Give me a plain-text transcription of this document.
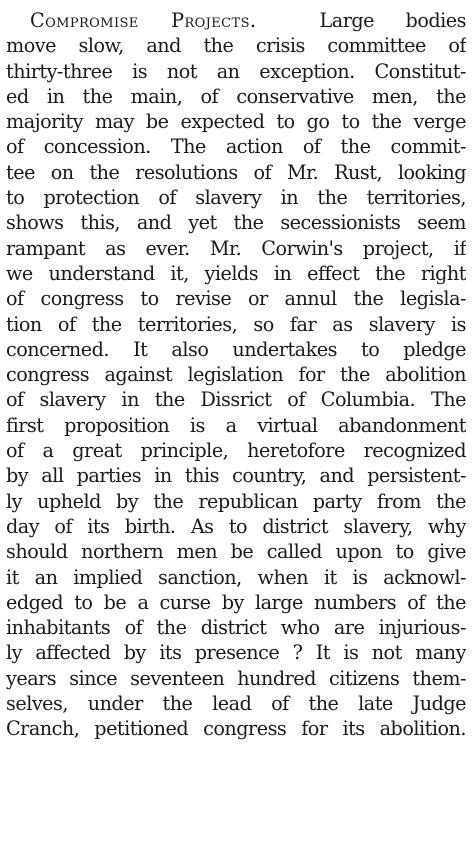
Compromise Projects.	Large bodies
move slow, and the crisis committee of
thirty-three is not an exception. Constitut-
ed in the main, of conservative men, the
majority may be expected to go to the verge
of concession. The action of the commit-
tee on the resolutions of Mr. Rust, looking
to protection of slavery in the territories,
shows this, and yet the secessionists seem
rampant as ever. Mr. Corwin's project, if
we understand it, yields in effect the right
of congress to revise or annul the legisla-
tion of the territories, so far as slavery is
concerned. It also undertakes to pledge
congress against legislation for the abolition
of slavery in the Dissrict of Columbia. The
first proposition is a virtual abandonment
of a great principle, heretofore recognized
by all parties in this country, and persistent-
ly upheld by the republican party from the
day of its birth. As to district slavery, why
should northern men be called upon to give
it an implied sanction, when it is acknowl-
edged to be a curse by large numbers of the
inhabitants of the district who are injurious-
ly affected by its presence ? It is not many
years since seventeen hundred citizens them-
selves, under the lead of the late Judge
Cranch, petitioned congress for its abolition.
